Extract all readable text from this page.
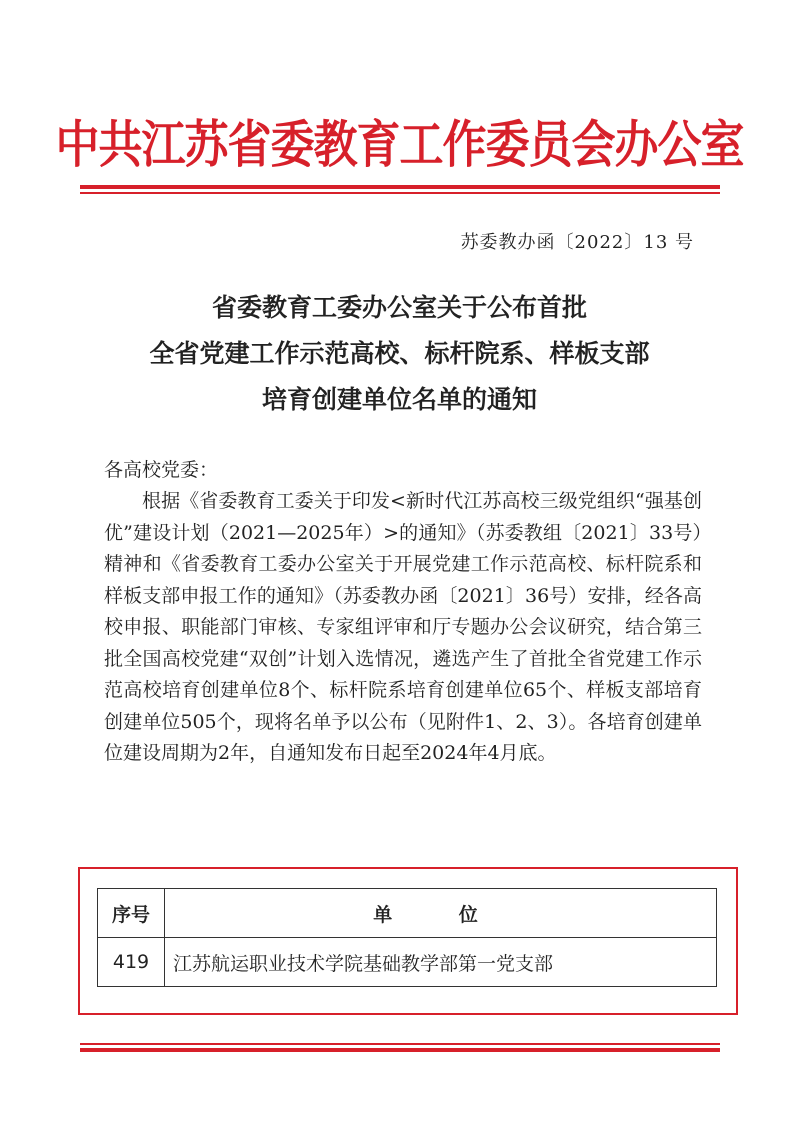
中共江苏省委教育工作委员会办公室
苏委教办函〔2022〕13 号
省委教育工委办公室关于公布首批
全省党建工作示范高校、标杆院系、样板支部
培育创建单位名单的通知
各高校党委：
根据《省委教育工委关于印发<新时代江苏高校三级党组织“强基创优”建设计划（2021—2025年）>的通知》（苏委教组〔2021〕33号）精神和《省委教育工委办公室关于开展党建工作示范高校、标杆院系和样板支部申报工作的通知》（苏委教办函〔2021〕36号）安排，经各高校申报、职能部门审核、专家组评审和厅专题办公会议研究，结合第三批全国高校党建“双创”计划入选情况，遴选产生了首批全省党建工作示范高校培育创建单位8个、标杆院系培育创建单位65个、样板支部培育创建单位505个，现将名单予以公布（见附件1、2、3）。各培育创建单位建设周期为2年，自通知发布日起至2024年4月底。
序号	单 位
419	江苏航运职业技术学院基础教学部第一党支部
